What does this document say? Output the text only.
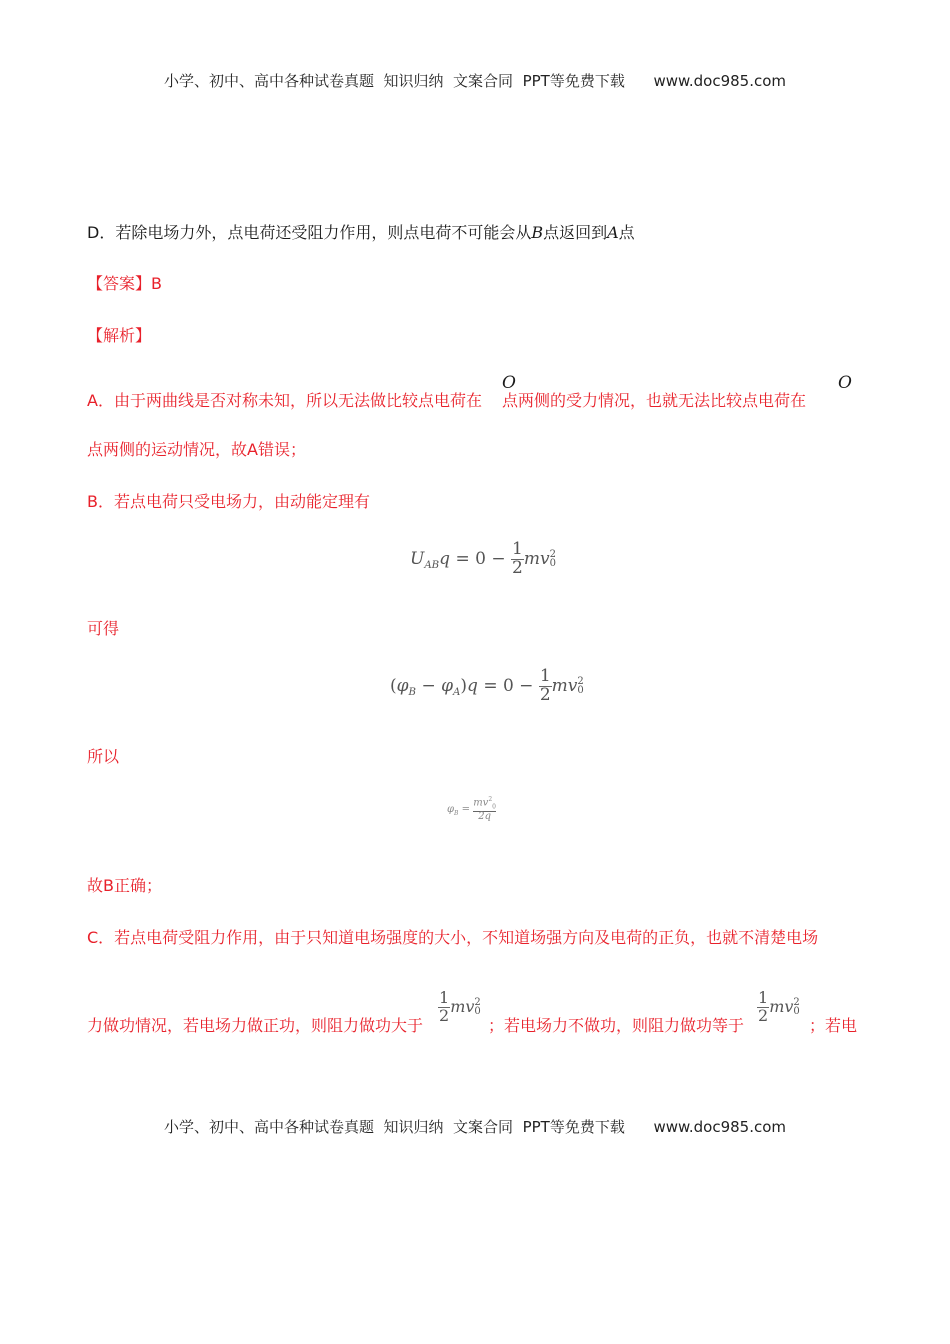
小学、初中、高中各种试卷真题  知识归纳  文案合同  PPT等免费下载      www.doc985.com
D．若除电场力外，点电荷还受阻力作用，则点电荷不可能会从B点返回到A点
【答案】B
【解析】
O	O
A．由于两曲线是否对称未知，所以无法做比较点电荷在 点两侧的受力情况，也就无法比较点电荷在
点两侧的运动情况，故A错误；
B．若点电荷只受电场力，由动能定理有
$U_{AB}q = 0 - \frac{1}{2}$ mv 2
0
可得
$(\varphi_B - \varphi_A)q = 0 - \frac{1}{2}$ mv 2
0
所以
$\varphi_B = \frac{mv^2_0}{2q}$
故B正确；
C．若点电荷受阻力作用，由于只知道电场强度的大小，不知道场强方向及电荷的正负，也就不清楚电场
$\frac{1}{2}$ mv 2
0	$\frac{1}{2}$ mv 2
0
力做功情况，若电场力做正功，则阻力做功大于	；若电场力不做功，则阻力做功等于	；若电
小学、初中、高中各种试卷真题  知识归纳  文案合同  PPT等免费下载      www.doc985.com
